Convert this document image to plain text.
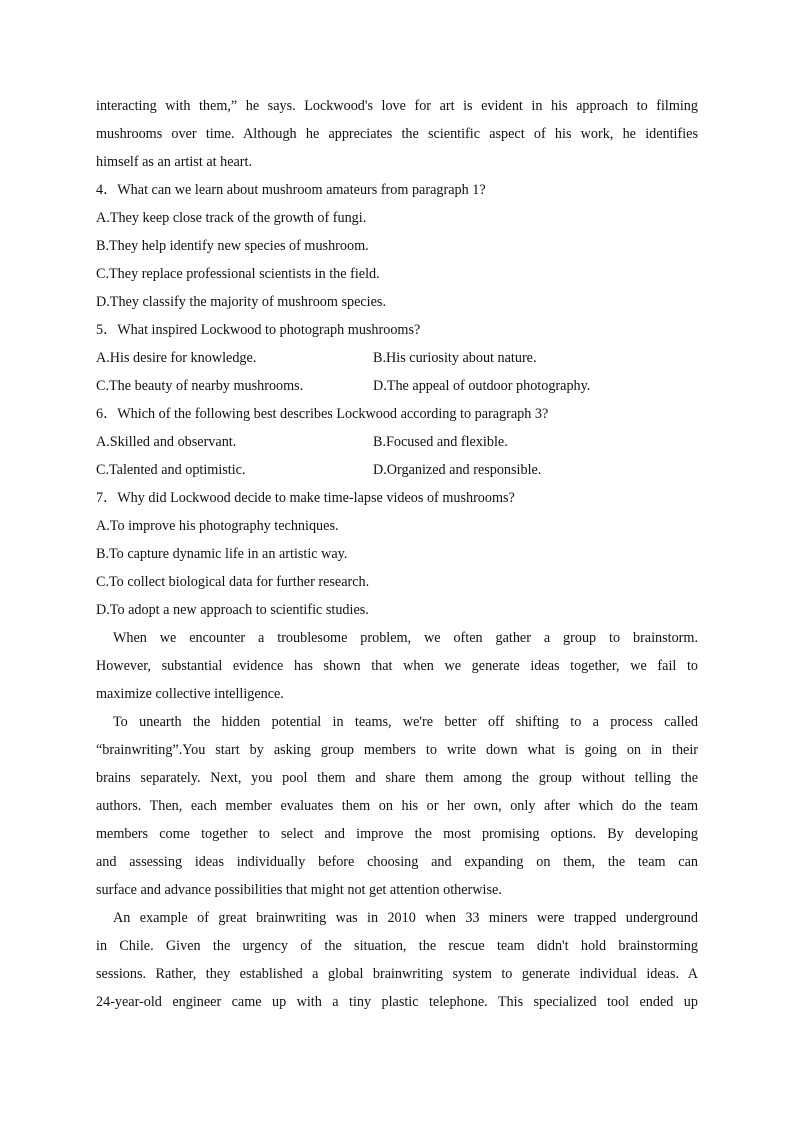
interacting with them,” he says. Lockwood's love for art is evident in his approach to filming
mushrooms over time. Although he appreciates the scientific aspect of his work, he identifies
himself as an artist at heart.
4．What can we learn about mushroom amateurs from paragraph 1?
A.They keep close track of the growth of fungi.
B.They help identify new species of mushroom.
C.They replace professional scientists in the field.
D.They classify the majority of mushroom species.
5．What inspired Lockwood to photograph mushrooms?
A.His desire for knowledge.	B.His curiosity about nature.
C.The beauty of nearby mushrooms.	D.The appeal of outdoor photography.
6．Which of the following best describes Lockwood according to paragraph 3?
A.Skilled and observant.	B.Focused and flexible.
C.Talented and optimistic.	D.Organized and responsible.
7．Why did Lockwood decide to make time-lapse videos of mushrooms?
A.To improve his photography techniques.
B.To capture dynamic life in an artistic way.
C.To collect biological data for further research.
D.To adopt a new approach to scientific studies.
When we encounter a troublesome problem, we often gather a group to brainstorm.
However, substantial evidence has shown that when we generate ideas together, we fail to
maximize collective intelligence.
To unearth the hidden potential in teams, we're better off shifting to a process called
“brainwriting”.You start by asking group members to write down what is going on in their
brains separately. Next, you pool them and share them among the group without telling the
authors. Then, each member evaluates them on his or her own, only after which do the team
members come together to select and improve the most promising options. By developing
and assessing ideas individually before choosing and expanding on them, the team can
surface and advance possibilities that might not get attention otherwise.
An example of great brainwriting was in 2010 when 33 miners were trapped underground
in Chile. Given the urgency of the situation, the rescue team didn't hold brainstorming
sessions. Rather, they established a global brainwriting system to generate individual ideas. A
24-year-old engineer came up with a tiny plastic telephone. This specialized tool ended up
